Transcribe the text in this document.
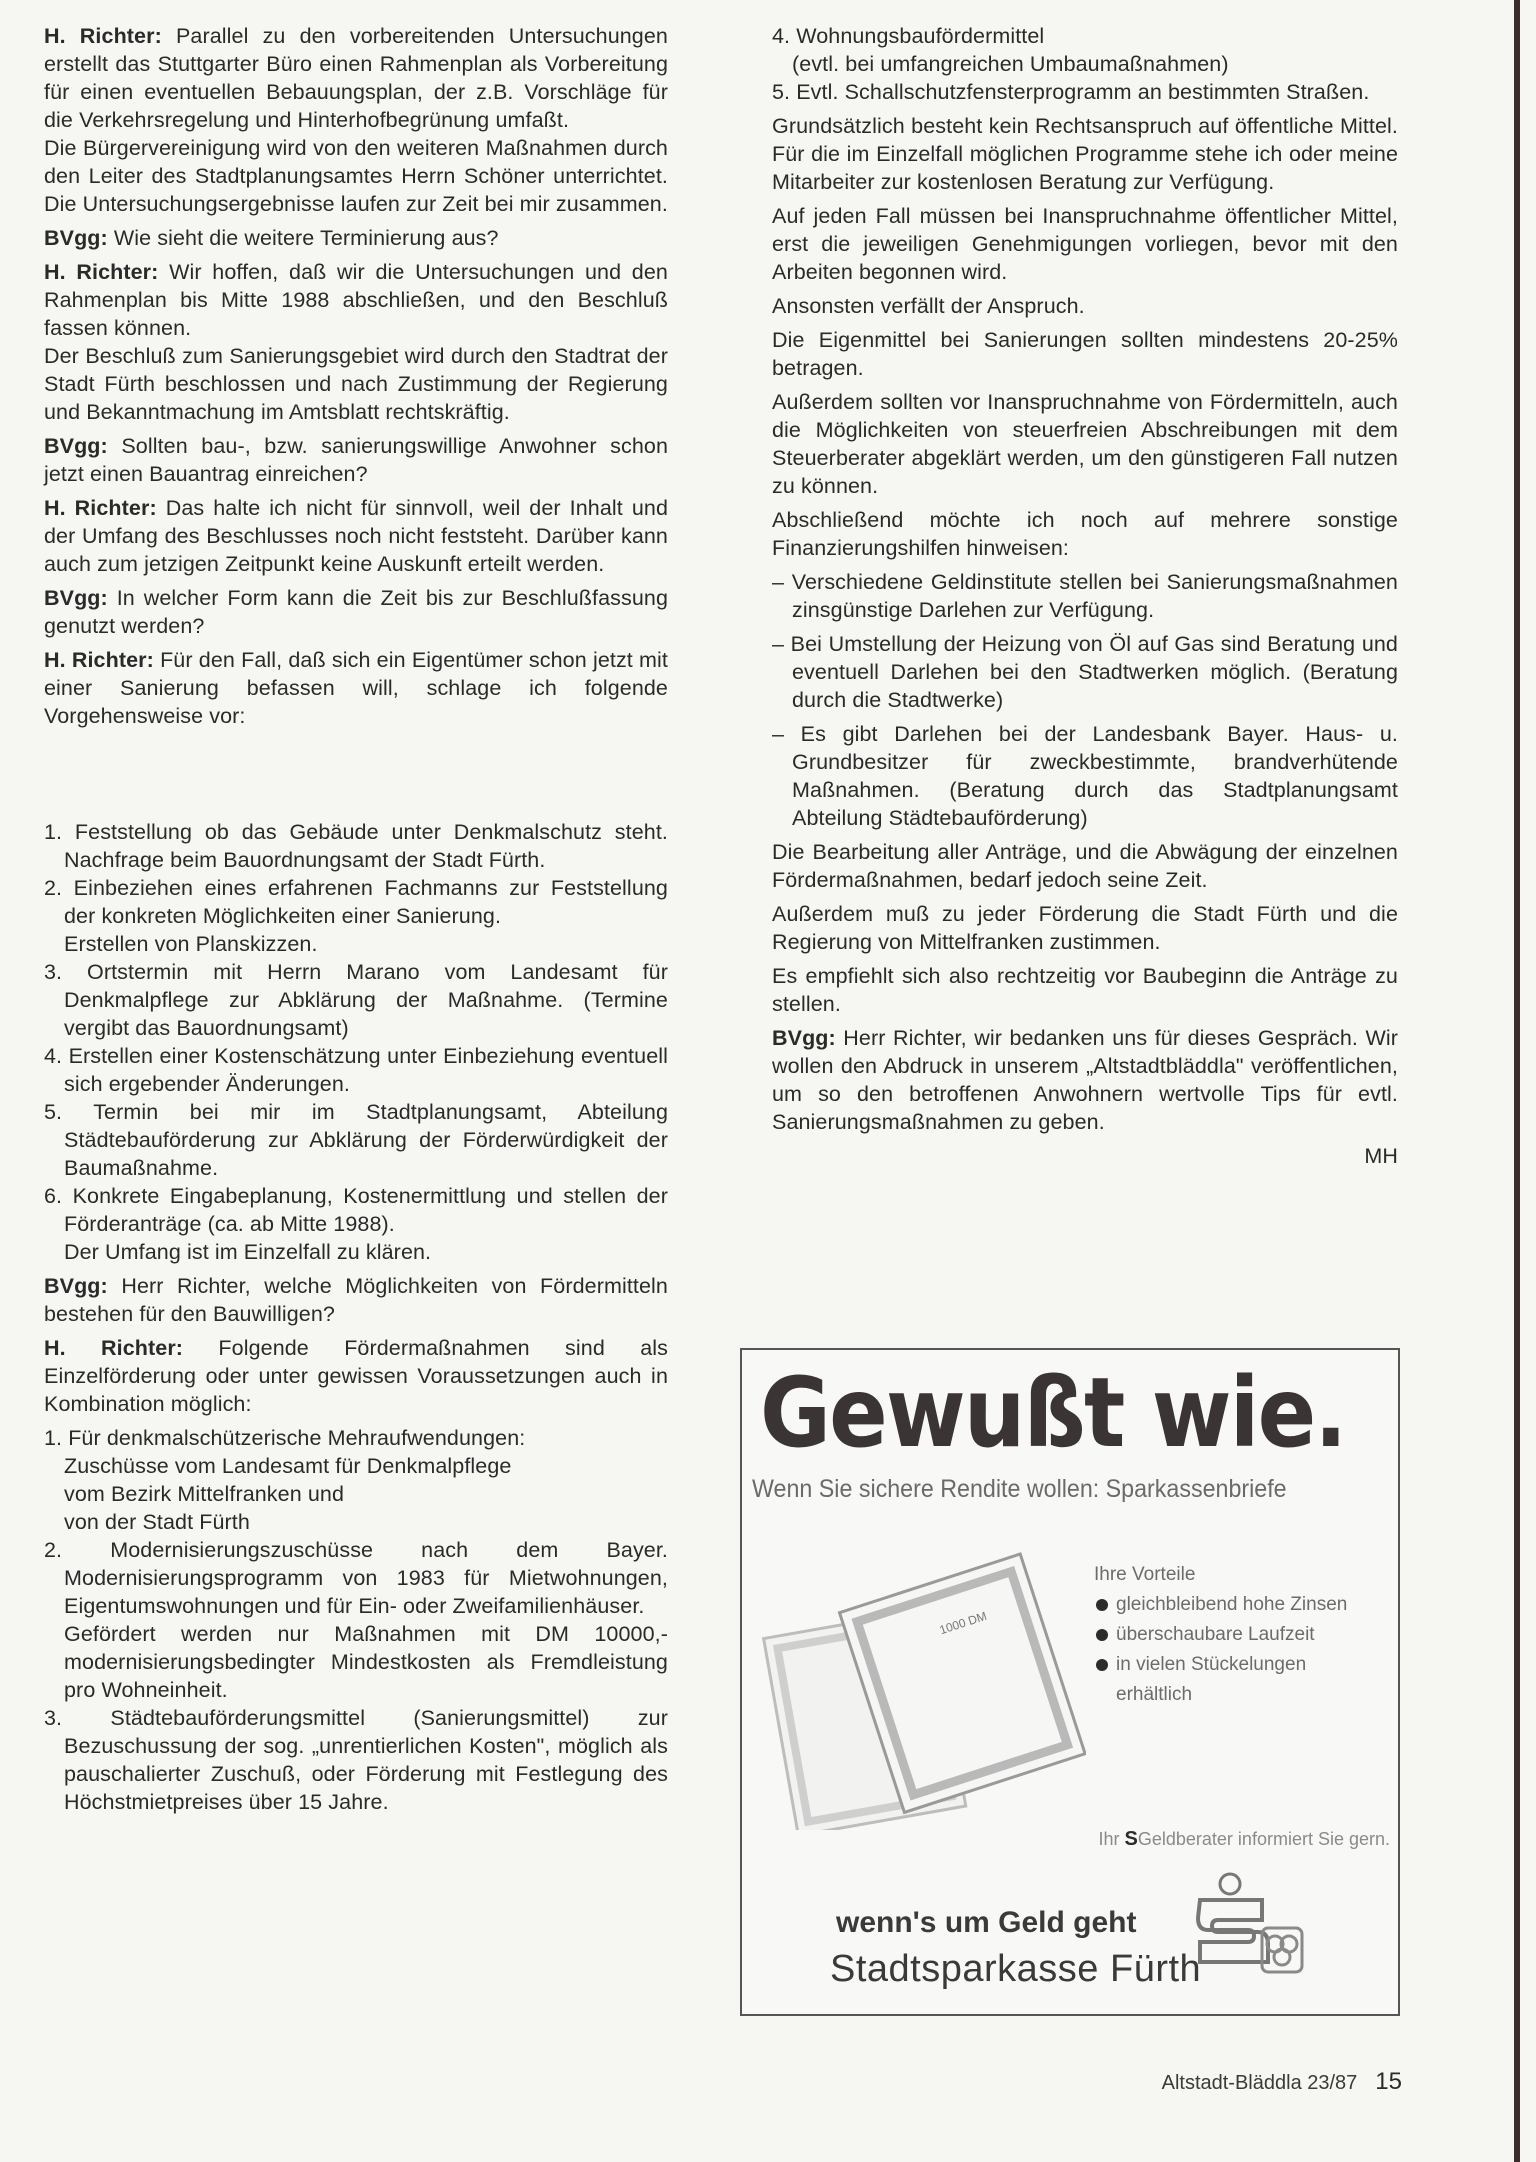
H. Richter: Parallel zu den vorbereitenden Untersuchungen erstellt das Stuttgarter Büro einen Rahmenplan als Vorbereitung für einen eventuellen Bebauungsplan, der z.B. Vorschläge für die Verkehrsregelung und Hinterhofbegrünung umfaßt.
Die Bürgervereinigung wird von den weiteren Maßnahmen durch den Leiter des Stadtplanungsamtes Herrn Schöner unterrichtet. Die Untersuchungsergebnisse laufen zur Zeit bei mir zusammen.

BVgg: Wie sieht die weitere Terminierung aus?

H. Richter: Wir hoffen, daß wir die Untersuchungen und den Rahmenplan bis Mitte 1988 abschließen, und den Beschluß fassen können.
Der Beschluß zum Sanierungsgebiet wird durch den Stadtrat der Stadt Fürth beschlossen und nach Zustimmung der Regierung und Bekanntmachung im Amtsblatt rechtskräftig.

BVgg: Sollten bau-, bzw. sanierungswillige Anwohner schon jetzt einen Bauantrag einreichen?

H. Richter: Das halte ich nicht für sinnvoll, weil der Inhalt und der Umfang des Beschlusses noch nicht feststeht. Darüber kann auch zum jetzigen Zeitpunkt keine Auskunft erteilt werden.

BVgg: In welcher Form kann die Zeit bis zur Beschlußfassung genutzt werden?

H. Richter: Für den Fall, daß sich ein Eigentümer schon jetzt mit einer Sanierung befassen will, schlage ich folgende Vorgehensweise vor:

1. Feststellung ob das Gebäude unter Denkmalschutz steht. Nachfrage beim Bauordnungsamt der Stadt Fürth.

2. Einbeziehen eines erfahrenen Fachmanns zur Feststellung der konkreten Möglichkeiten einer Sanierung.
Erstellen von Planskizzen.

3. Ortstermin mit Herrn Marano vom Landesamt für Denkmalpflege zur Abklärung der Maßnahme. (Termine vergibt das Bauordnungsamt)

4. Erstellen einer Kostenschätzung unter Einbeziehung eventuell sich ergebender Änderungen.

5. Termin bei mir im Stadtplanungsamt, Abteilung Städtebauförderung zur Abklärung der Förderwürdigkeit der Baumaßnahme.

6. Konkrete Eingabeplanung, Kostenermittlung und stellen der Förderanträge (ca. ab Mitte 1988).
Der Umfang ist im Einzelfall zu klären.

BVgg: Herr Richter, welche Möglichkeiten von Fördermitteln bestehen für den Bauwilligen?

H. Richter: Folgende Fördermaßnahmen sind als Einzelförderung oder unter gewissen Voraussetzungen auch in Kombination möglich:

1. Für denkmalschützerische Mehraufwendungen:
Zuschüsse vom Landesamt für Denkmalpflege
vom Bezirk Mittelfranken und
von der Stadt Fürth

2. Modernisierungszuschüsse nach dem Bayer. Modernisierungsprogramm von 1983 für Mietwohnungen, Eigentumswohnungen und für Ein- oder Zweifamilienhäuser.
Gefördert werden nur Maßnahmen mit DM 10000,- modernisierungsbedingter Mindestkosten als Fremdleistung pro Wohneinheit.

3. Städtebauförderungsmittel (Sanierungsmittel) zur Bezuschussung der sog. „unrentierlichen Kosten", möglich als pauschalierter Zuschuß, oder Förderung mit Festlegung des Höchstmietpreises über 15 Jahre.

4. Wohnungsbaufördermittel
(evtl. bei umfangreichen Umbaumaßnahmen)

5. Evtl. Schallschutzfensterprogramm an bestimmten Straßen.

Grundsätzlich besteht kein Rechtsanspruch auf öffentliche Mittel. Für die im Einzelfall möglichen Programme stehe ich oder meine Mitarbeiter zur kostenlosen Beratung zur Verfügung.

Auf jeden Fall müssen bei Inanspruchnahme öffentlicher Mittel, erst die jeweiligen Genehmigungen vorliegen, bevor mit den Arbeiten begonnen wird.

Ansonsten verfällt der Anspruch.

Die Eigenmittel bei Sanierungen sollten mindestens 20-25% betragen.

Außerdem sollten vor Inanspruchnahme von Fördermitteln, auch die Möglichkeiten von steuerfreien Abschreibungen mit dem Steuerberater abgeklärt werden, um den günstigeren Fall nutzen zu können.

Abschließend möchte ich noch auf mehrere sonstige Finanzierungshilfen hinweisen:

– Verschiedene Geldinstitute stellen bei Sanierungsmaßnahmen zinsgünstige Darlehen zur Verfügung.

– Bei Umstellung der Heizung von Öl auf Gas sind Beratung und eventuell Darlehen bei den Stadtwerken möglich. (Beratung durch die Stadtwerke)

– Es gibt Darlehen bei der Landesbank Bayer. Haus- u. Grundbesitzer für zweckbestimmte, brandverhütende Maßnahmen. (Beratung durch das Stadtplanungsamt Abteilung Städtebauförderung)

Die Bearbeitung aller Anträge, und die Abwägung der einzelnen Fördermaßnahmen, bedarf jedoch seine Zeit.

Außerdem muß zu jeder Förderung die Stadt Fürth und die Regierung von Mittelfranken zustimmen.

Es empfiehlt sich also rechtzeitig vor Baubeginn die Anträge zu stellen.

BVgg: Herr Richter, wir bedanken uns für dieses Gespräch. Wir wollen den Abdruck in unserem „Altstadtbläddla" veröffentlichen, um so den betroffenen Anwohnern wertvolle Tips für evtl. Sanierungsmaßnahmen zu geben.

MH

Gewußt wie.
Wenn Sie sichere Rendite wollen: Sparkassenbriefe
1000 DM
Ihre Vorteile
gleichbleibend hohe Zinsen
überschaubare Laufzeit
in vielen Stückelungen
erhältlich
Ihr SGeldberater informiert Sie gern.
wenn's um Geld geht
Stadtsparkasse Fürth
Altstadt-Bläddla 23/87 15
